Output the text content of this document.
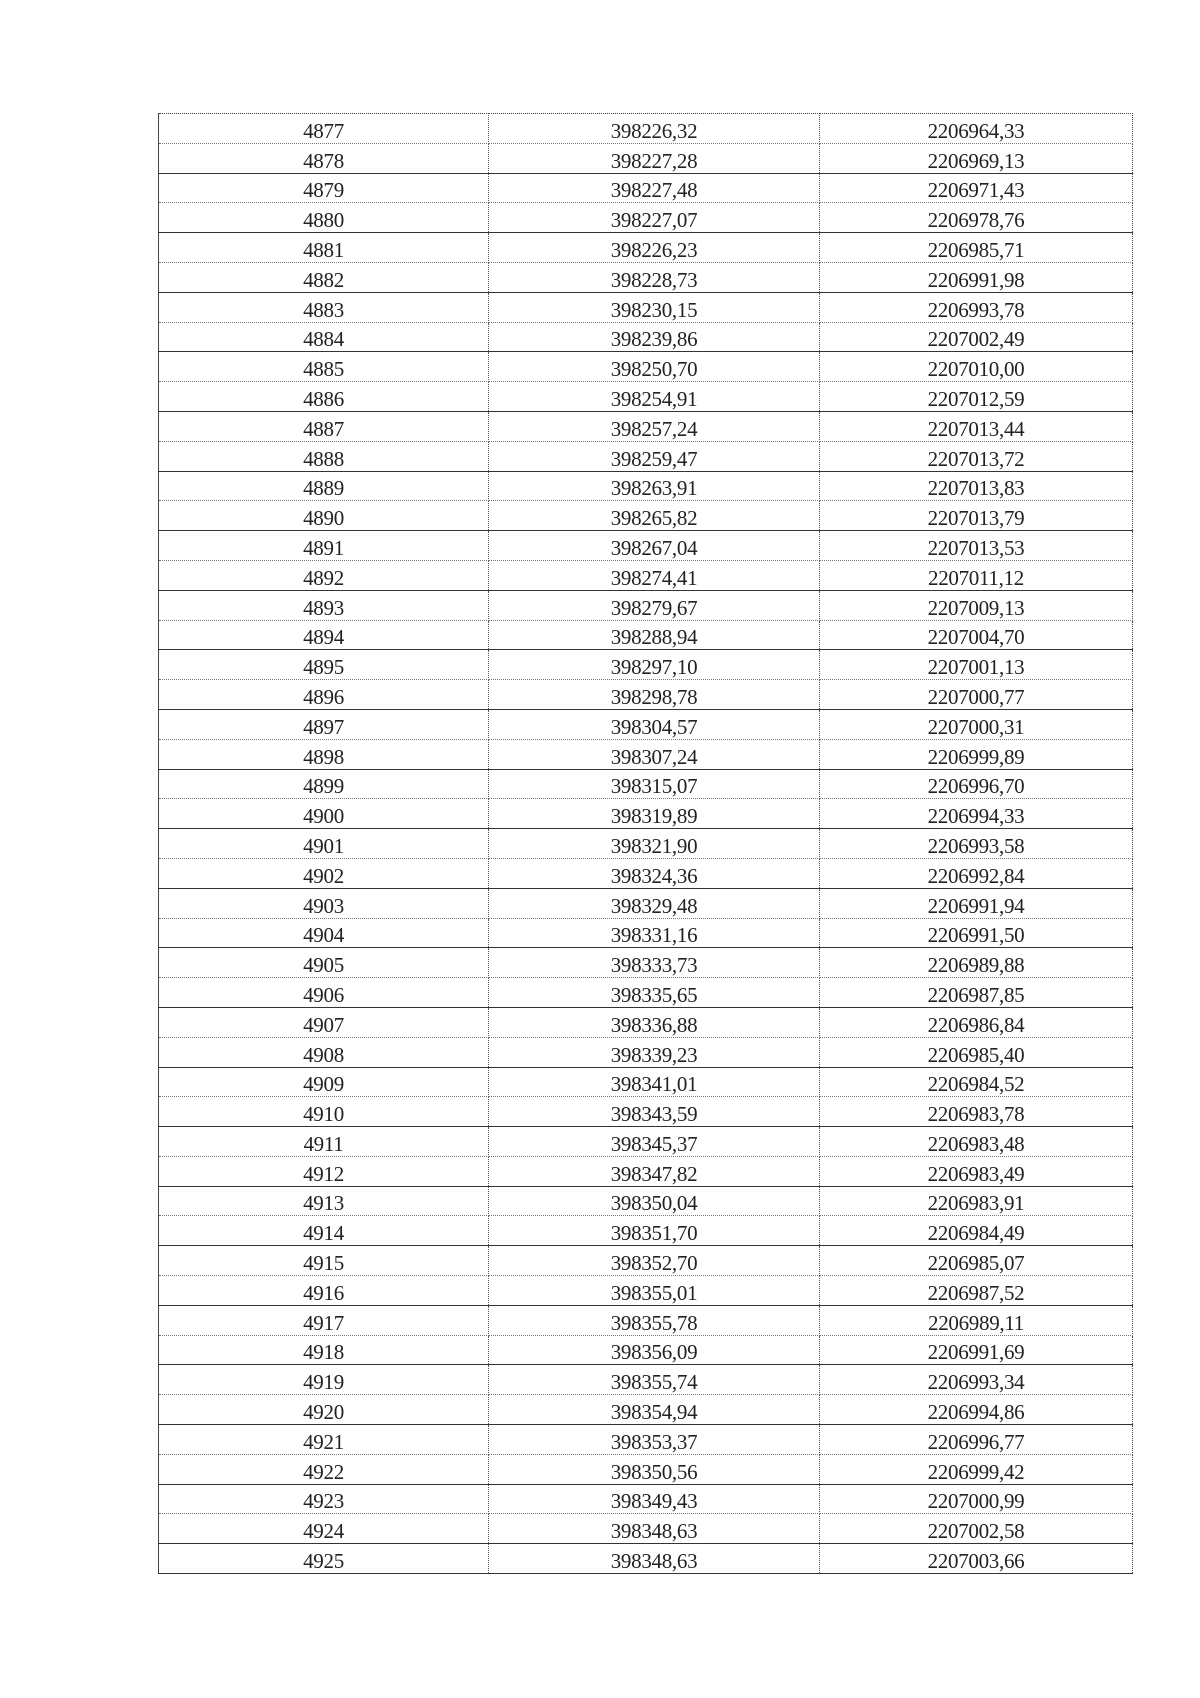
4877	398226,32	2206964,33
4878	398227,28	2206969,13
4879	398227,48	2206971,43
4880	398227,07	2206978,76
4881	398226,23	2206985,71
4882	398228,73	2206991,98
4883	398230,15	2206993,78
4884	398239,86	2207002,49
4885	398250,70	2207010,00
4886	398254,91	2207012,59
4887	398257,24	2207013,44
4888	398259,47	2207013,72
4889	398263,91	2207013,83
4890	398265,82	2207013,79
4891	398267,04	2207013,53
4892	398274,41	2207011,12
4893	398279,67	2207009,13
4894	398288,94	2207004,70
4895	398297,10	2207001,13
4896	398298,78	2207000,77
4897	398304,57	2207000,31
4898	398307,24	2206999,89
4899	398315,07	2206996,70
4900	398319,89	2206994,33
4901	398321,90	2206993,58
4902	398324,36	2206992,84
4903	398329,48	2206991,94
4904	398331,16	2206991,50
4905	398333,73	2206989,88
4906	398335,65	2206987,85
4907	398336,88	2206986,84
4908	398339,23	2206985,40
4909	398341,01	2206984,52
4910	398343,59	2206983,78
4911	398345,37	2206983,48
4912	398347,82	2206983,49
4913	398350,04	2206983,91
4914	398351,70	2206984,49
4915	398352,70	2206985,07
4916	398355,01	2206987,52
4917	398355,78	2206989,11
4918	398356,09	2206991,69
4919	398355,74	2206993,34
4920	398354,94	2206994,86
4921	398353,37	2206996,77
4922	398350,56	2206999,42
4923	398349,43	2207000,99
4924	398348,63	2207002,58
4925	398348,63	2207003,66
